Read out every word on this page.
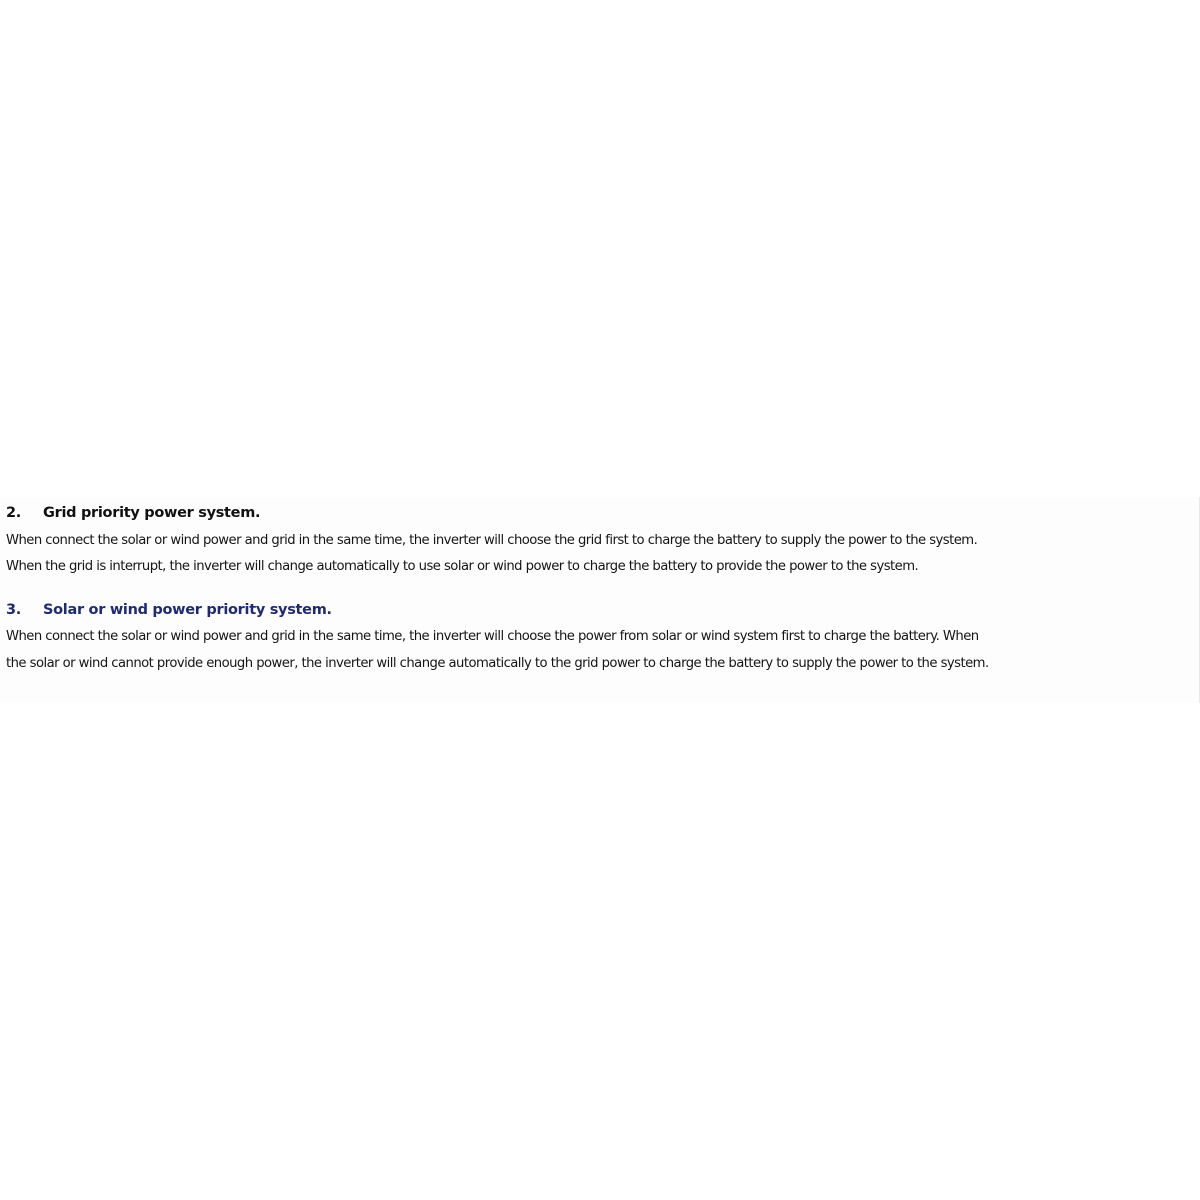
2. Grid priority power system.
When connect the solar or wind power and grid in the same time, the inverter will choose the grid first to charge the battery to supply the power to the system.
When the grid is interrupt, the inverter will change automatically to use solar or wind power to charge the battery to provide the power to the system.
3. Solar or wind power priority system.
When connect the solar or wind power and grid in the same time, the inverter will choose the power from solar or wind system first to charge the battery. When
the solar or wind cannot provide enough power, the inverter will change automatically to the grid power to charge the battery to supply the power to the system.
